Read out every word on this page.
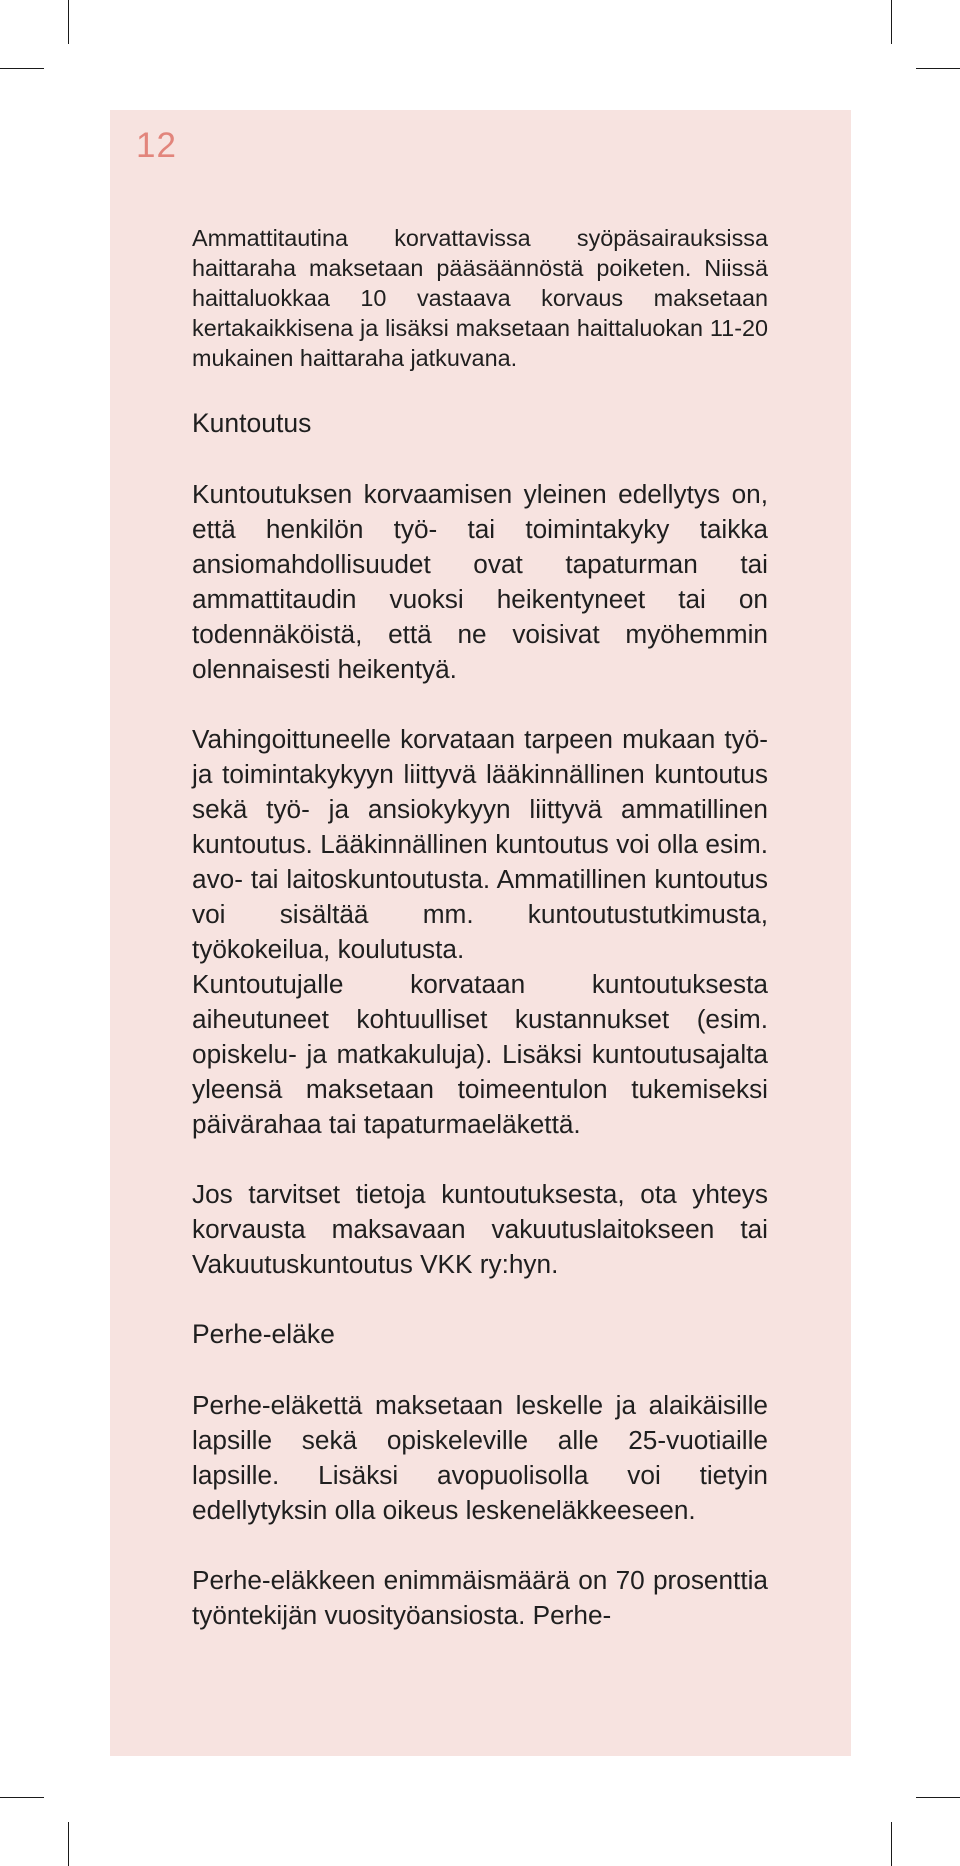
12

Ammattitautina korvattavissa syöpäsairauksissa haittaraha maksetaan pääsäännöstä poiketen. Niissä haittaluokkaa 10 vastaava korvaus maksetaan kertakaikkisena ja lisäksi maksetaan haittaluokan 11-20 mukainen haittaraha jatkuvana.

Kuntoutus

Kuntoutuksen korvaamisen yleinen edellytys on, että henkilön työ- tai toimintakyky taikka ansiomahdollisuudet ovat tapaturman tai ammattitaudin vuoksi heikentyneet tai on todennäköistä, että ne voisivat myöhemmin olennaisesti heikentyä.

Vahingoittuneelle korvataan tarpeen mukaan työ- ja toimintakykyyn liittyvä lääkinnällinen kuntoutus sekä työ- ja ansiokykyyn liittyvä ammatillinen kuntoutus. Lääkinnällinen kuntoutus voi olla esim. avo- tai laitoskuntoutusta. Ammatillinen kuntoutus voi sisältää mm. kuntoutustutkimusta, työkokeilua, koulutusta.

Kuntoutujalle korvataan kuntoutuksesta aiheutuneet kohtuulliset kustannukset (esim. opiskelu- ja matkakuluja). Lisäksi kuntoutusajalta yleensä maksetaan toimeentulon tukemiseksi päivärahaa tai tapaturmaeläkettä.

Jos tarvitset tietoja kuntoutuksesta, ota yhteys korvausta maksavaan vakuutuslaitokseen tai Vakuutuskuntoutus VKK ry:hyn.

Perhe-eläke

Perhe-eläkettä maksetaan leskelle ja alaikäisille lapsille sekä opiskeleville alle 25-vuotiaille lapsille. Lisäksi avopuolisolla voi tietyin edellytyksin olla oikeus leskeneläkkeeseen.

Perhe-eläkkeen enimmäismäärä on 70 prosenttia työntekijän vuosityöansiosta. Perhe-
